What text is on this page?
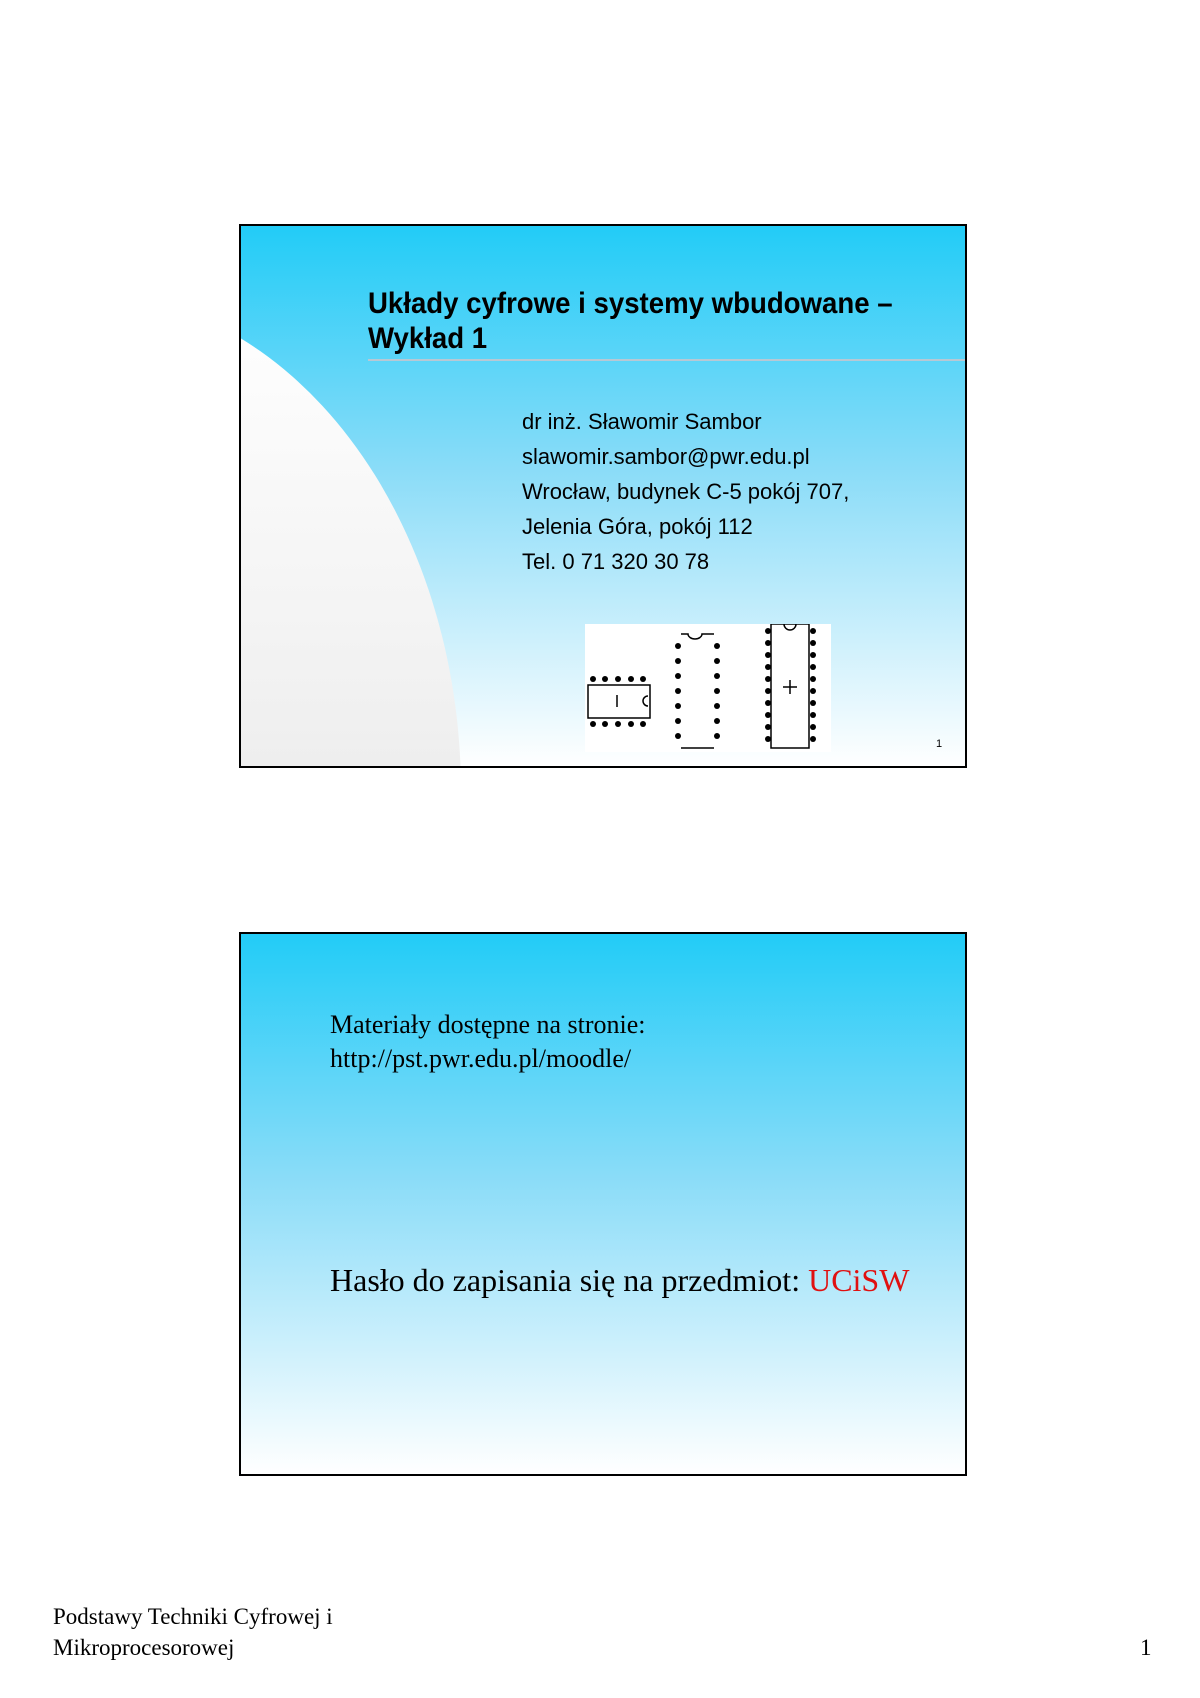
Układy cyfrowe i systemy wbudowane – Wykład 1
dr inż. Sławomir Sambor
slawomir.sambor@pwr.edu.pl
Wrocław, budynek C-5 pokój 707,
Jelenia Góra, pokój 112
Tel. 0 71 320 30 78
1
Materiały dostępne na stronie:
http://pst.pwr.edu.pl/moodle/
Hasło do zapisania się na przedmiot: UCiSW
Podstawy Techniki Cyfrowej i
Mikroprocesorowej	1
